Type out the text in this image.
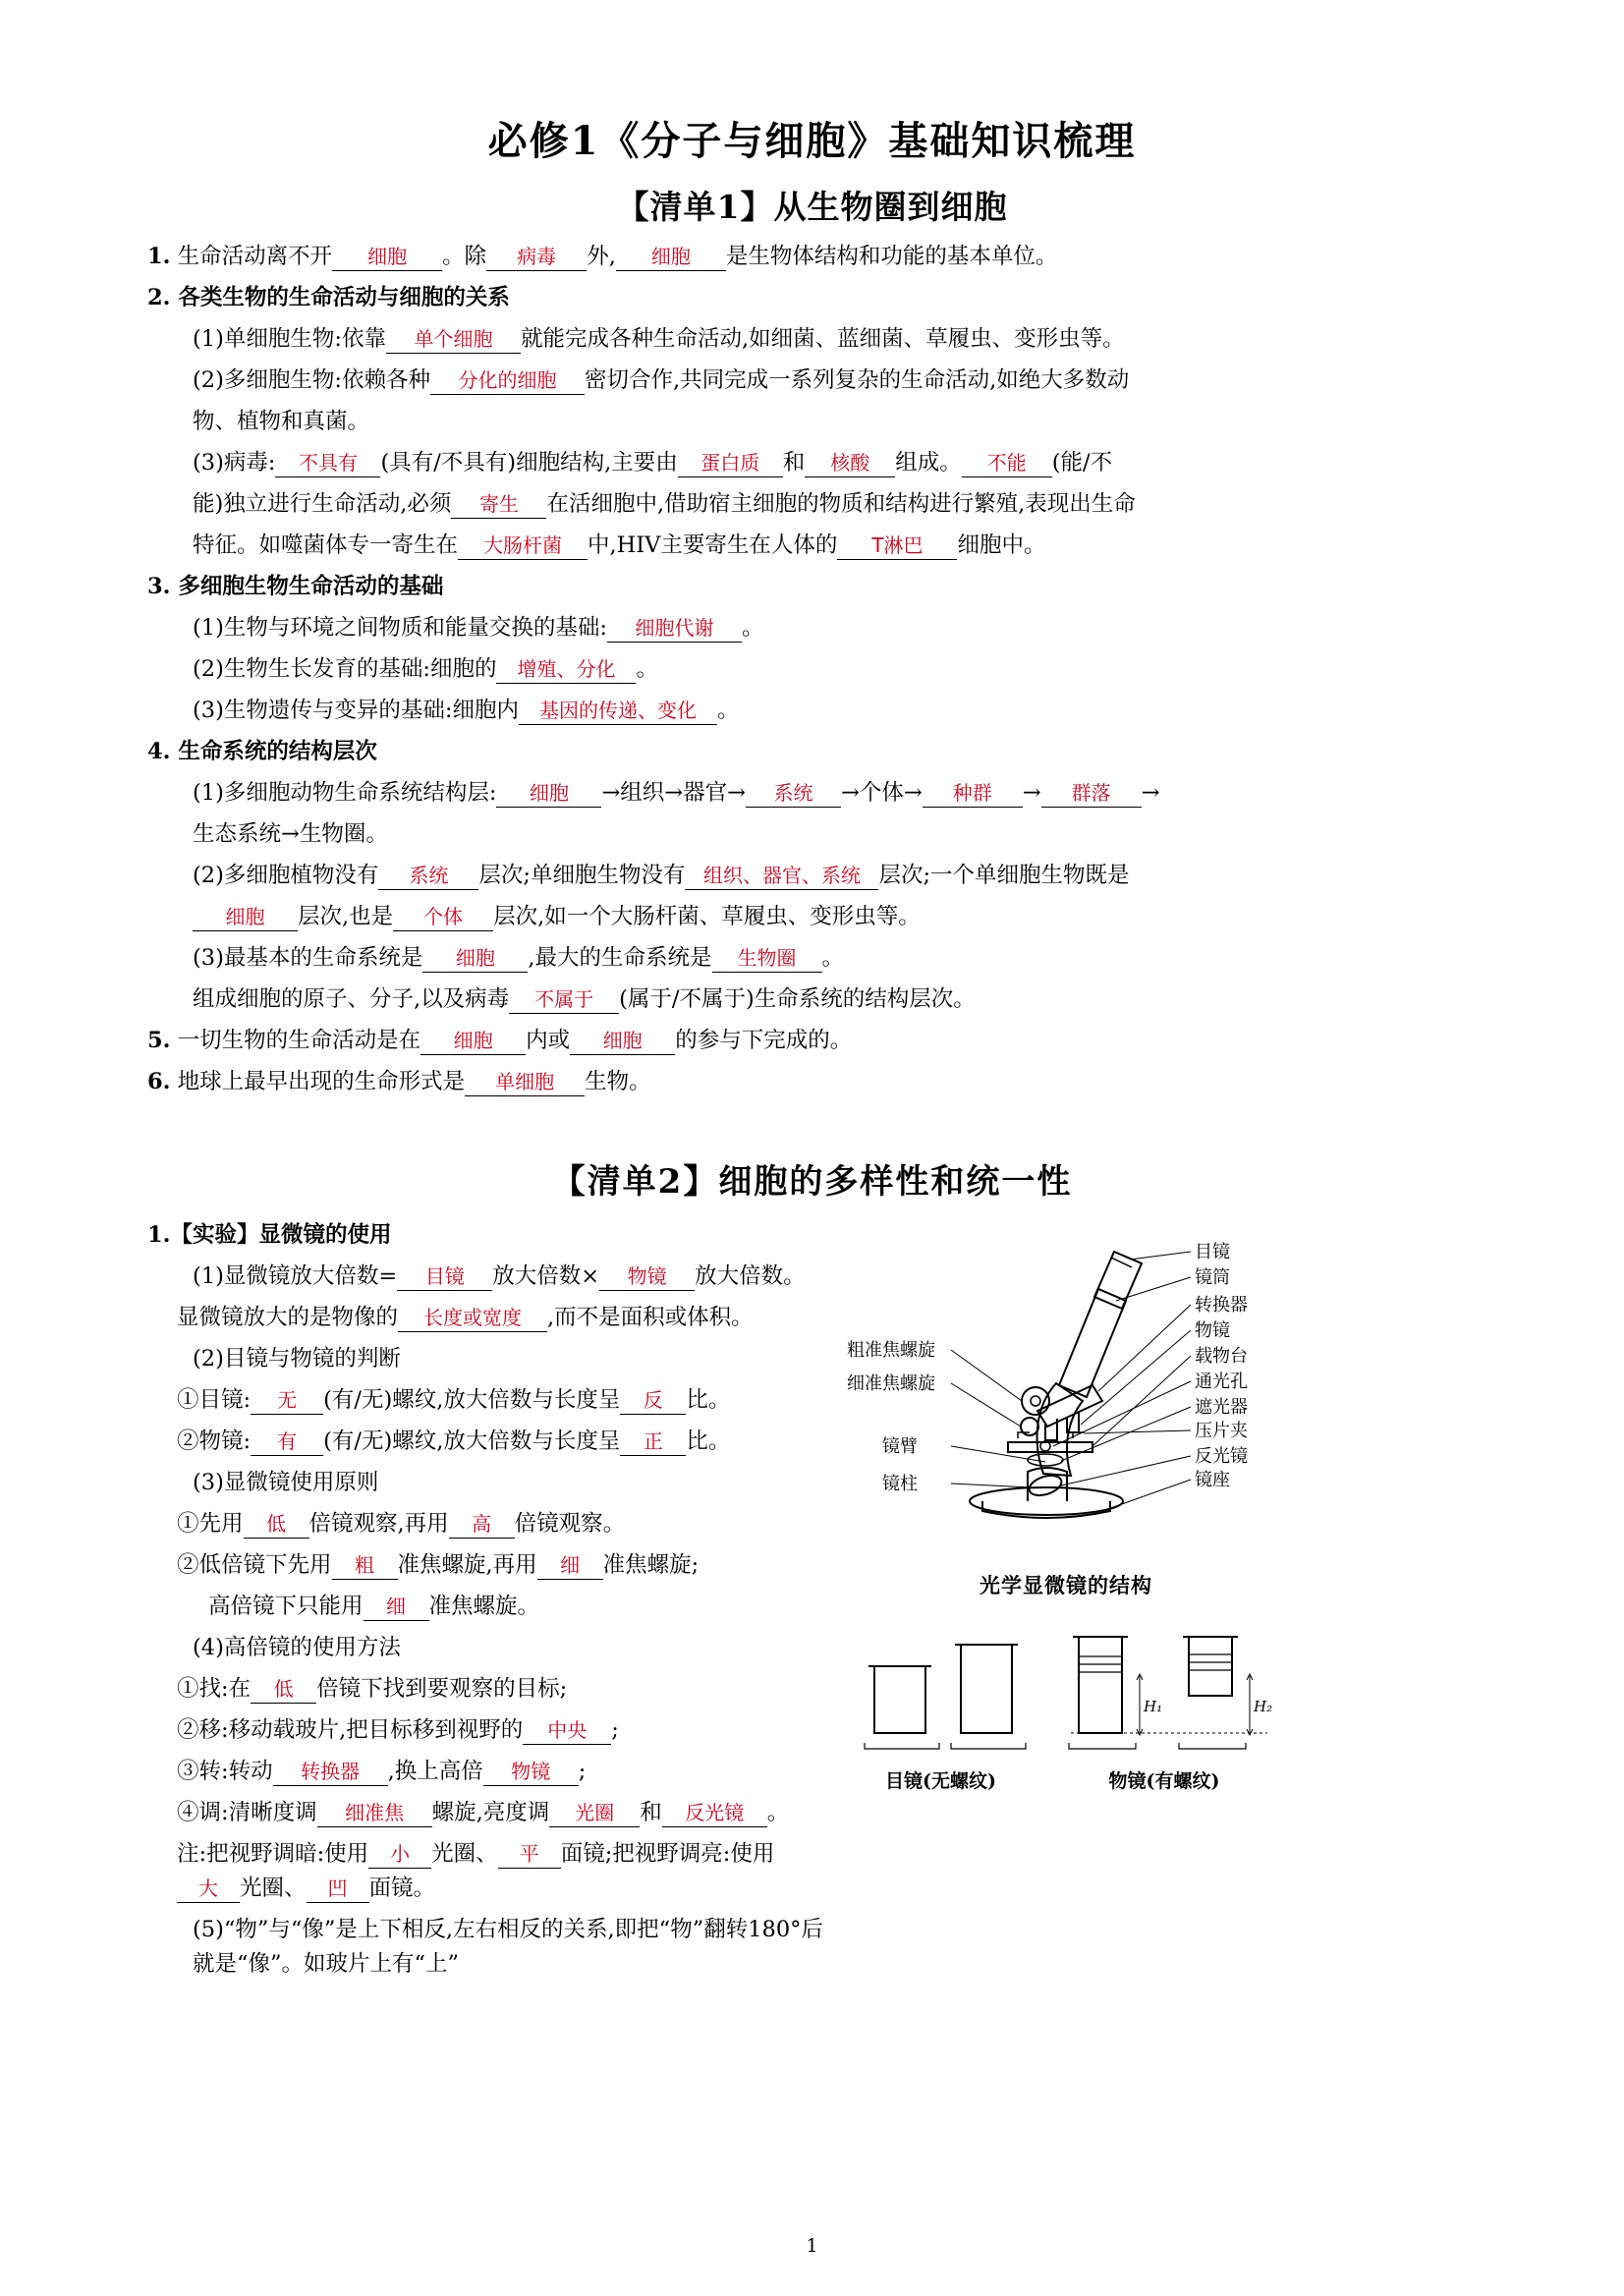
必修1《分子与细胞》基础知识梳理
【清单1】从生物圈到细胞

1. 生命活动离不开 细胞 。除 病毒 外, 细胞 是生物体结构和功能的基本单位。

2. 各类生物的生命活动与细胞的关系

(1)单细胞生物:依靠 单个细胞 就能完成各种生命活动,如细菌、蓝细菌、草履虫、变形虫等。

(2)多细胞生物:依赖各种 分化的细胞 密切合作,共同完成一系列复杂的生命活动,如绝大多数动

物、植物和真菌。

(3)病毒: 不具有 (具有/不具有)细胞结构,主要由 蛋白质 和 核酸 组成。 不能 (能/不

能)独立进行生命活动,必须 寄生 在活细胞中,借助宿主细胞的物质和结构进行繁殖,表现出生命

特征。如噬菌体专一寄生在 大肠杆菌 中,HIV主要寄生在人体的 T淋巴 细胞中。

3. 多细胞生物生命活动的基础

(1)生物与环境之间物质和能量交换的基础: 细胞代谢 。

(2)生物生长发育的基础:细胞的 增殖、分化 。

(3)生物遗传与变异的基础:细胞内 基因的传递、变化 。

4. 生命系统的结构层次

(1)多细胞动物生命系统结构层: 细胞 →组织→器官→ 系统 →个体→ 种群 → 群落 →

生态系统→生物圈。

(2)多细胞植物没有 系统 层次;单细胞生物没有 组织、器官、系统 层次;一个单细胞生物既是

细胞 层次,也是 个体 层次,如一个大肠杆菌、草履虫、变形虫等。

(3)最基本的生命系统是 细胞 ,最大的生命系统是 生物圈 。

组成细胞的原子、分子,以及病毒 不属于 (属于/不属于)生命系统的结构层次。

5. 一切生物的生命活动是在 细胞 内或 细胞 的参与下完成的。

6. 地球上最早出现的生命形式是 单细胞 生物。

【清单2】细胞的多样性和统一性

1.【实验】显微镜的使用

(1)显微镜放大倍数= 目镜 放大倍数× 物镜 放大倍数。

显微镜放大的是物像的 长度或宽度 ,而不是面积或体积。

(2)目镜与物镜的判断

①目镜: 无 (有/无)螺纹,放大倍数与长度呈 反 比。

②物镜: 有 (有/无)螺纹,放大倍数与长度呈 正 比。

(3)显微镜使用原则

①先用 低 倍镜观察,再用 高 倍镜观察。

②低倍镜下先用 粗 准焦螺旋,再用 细 准焦螺旋;

高倍镜下只能用 细 准焦螺旋。

(4)高倍镜的使用方法

①找:在 低 倍镜下找到要观察的目标;

②移:移动载玻片,把目标移到视野的 中央 ;

③转:转动 转换器 ,换上高倍 物镜 ;

④调:清晰度调 细准焦 螺旋,亮度调 光圈 和 反光镜 。

注:把视野调暗:使用 小 光圈、 平 面镜;把视野调亮:使用大 光圈、 凹 面镜。

(5)“物”与“像”是上下相反,左右相反的关系,即把“物”翻转180°后就是“像”。如玻片上有“上”

目镜
镜筒
转换器
物镜
载物台
通光孔
遮光器
压片夹
反光镜
镜座
粗准焦螺旋
细准焦螺旋
镜臂
镜柱
光学显微镜的结构
H₁	H₂
目镜(无螺纹)	物镜(有螺纹)
1
